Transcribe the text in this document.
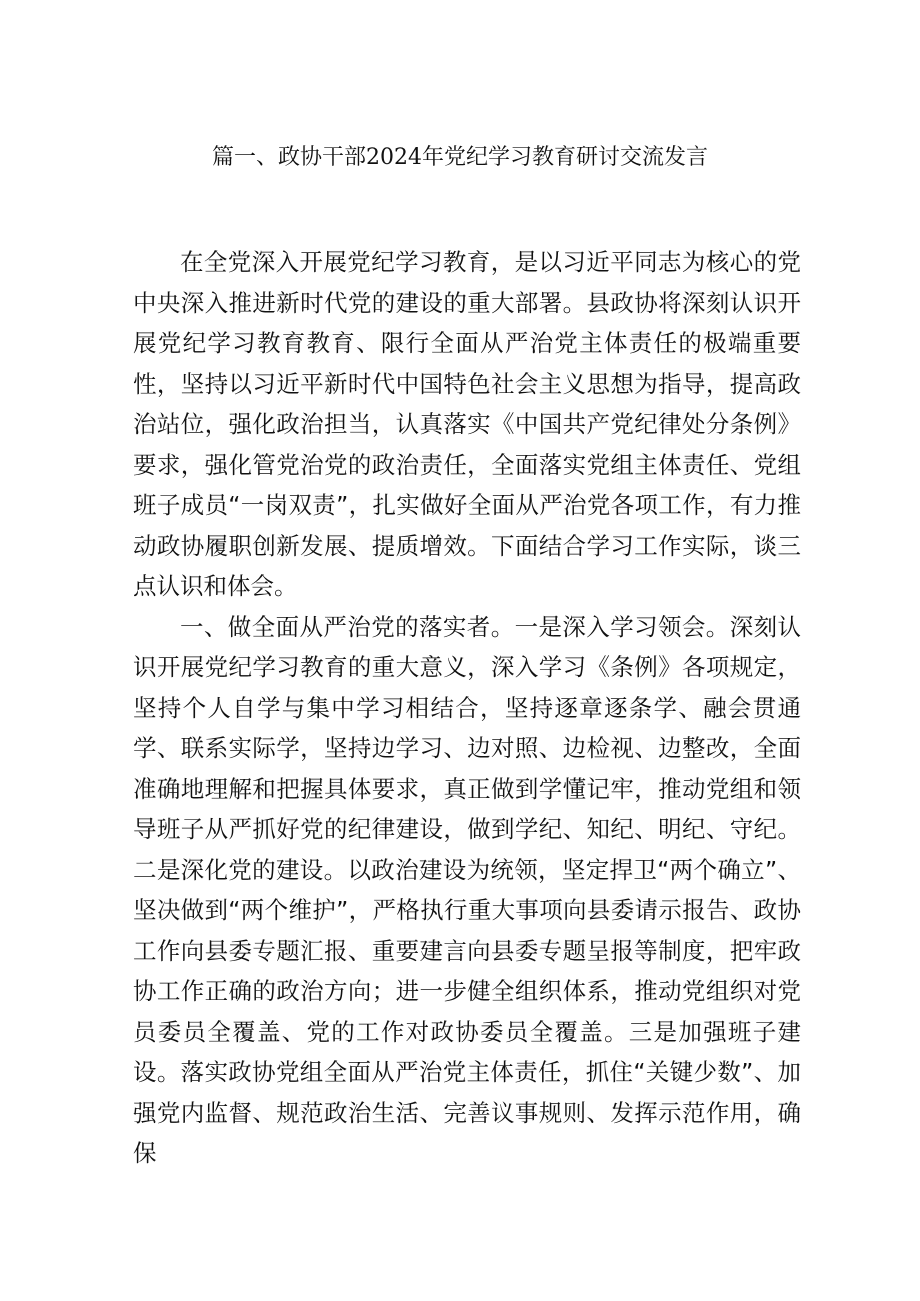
篇一、政协干部2024年党纪学习教育研讨交流发言

在全党深入开展党纪学习教育，是以习近平同志为核心的党中央深入推进新时代党的建设的重大部署。县政协将深刻认识开展党纪学习教育教育、限行全面从严治党主体责任的极端重要性，坚持以习近平新时代中国特色社会主义思想为指导，提高政治站位，强化政治担当，认真落实《中国共产党纪律处分条例》要求，强化管党治党的政治责任，全面落实党组主体责任、党组班子成员“一岗双责”，扎实做好全面从严治党各项工作，有力推动政协履职创新发展、提质增效。下面结合学习工作实际，谈三点认识和体会。

一、做全面从严治党的落实者。一是深入学习领会。深刻认识开展党纪学习教育的重大意义，深入学习《条例》各项规定，坚持个人自学与集中学习相结合，坚持逐章逐条学、融会贯通学、联系实际学，坚持边学习、边对照、边检视、边整改，全面准确地理解和把握具体要求，真正做到学懂记牢，推动党组和领导班子从严抓好党的纪律建设，做到学纪、知纪、明纪、守纪。二是深化党的建设。以政治建设为统领，坚定捍卫“两个确立”、坚决做到“两个维护”，严格执行重大事项向县委请示报告、政协工作向县委专题汇报、重要建言向县委专题呈报等制度，把牢政协工作正确的政治方向；进一步健全组织体系，推动党组织对党员委员全覆盖、党的工作对政协委员全覆盖。三是加强班子建设。落实政协党组全面从严治党主体责任，抓住“关键少数”、加强党内监督、规范政治生活、完善议事规则、发挥示范作用，确保
